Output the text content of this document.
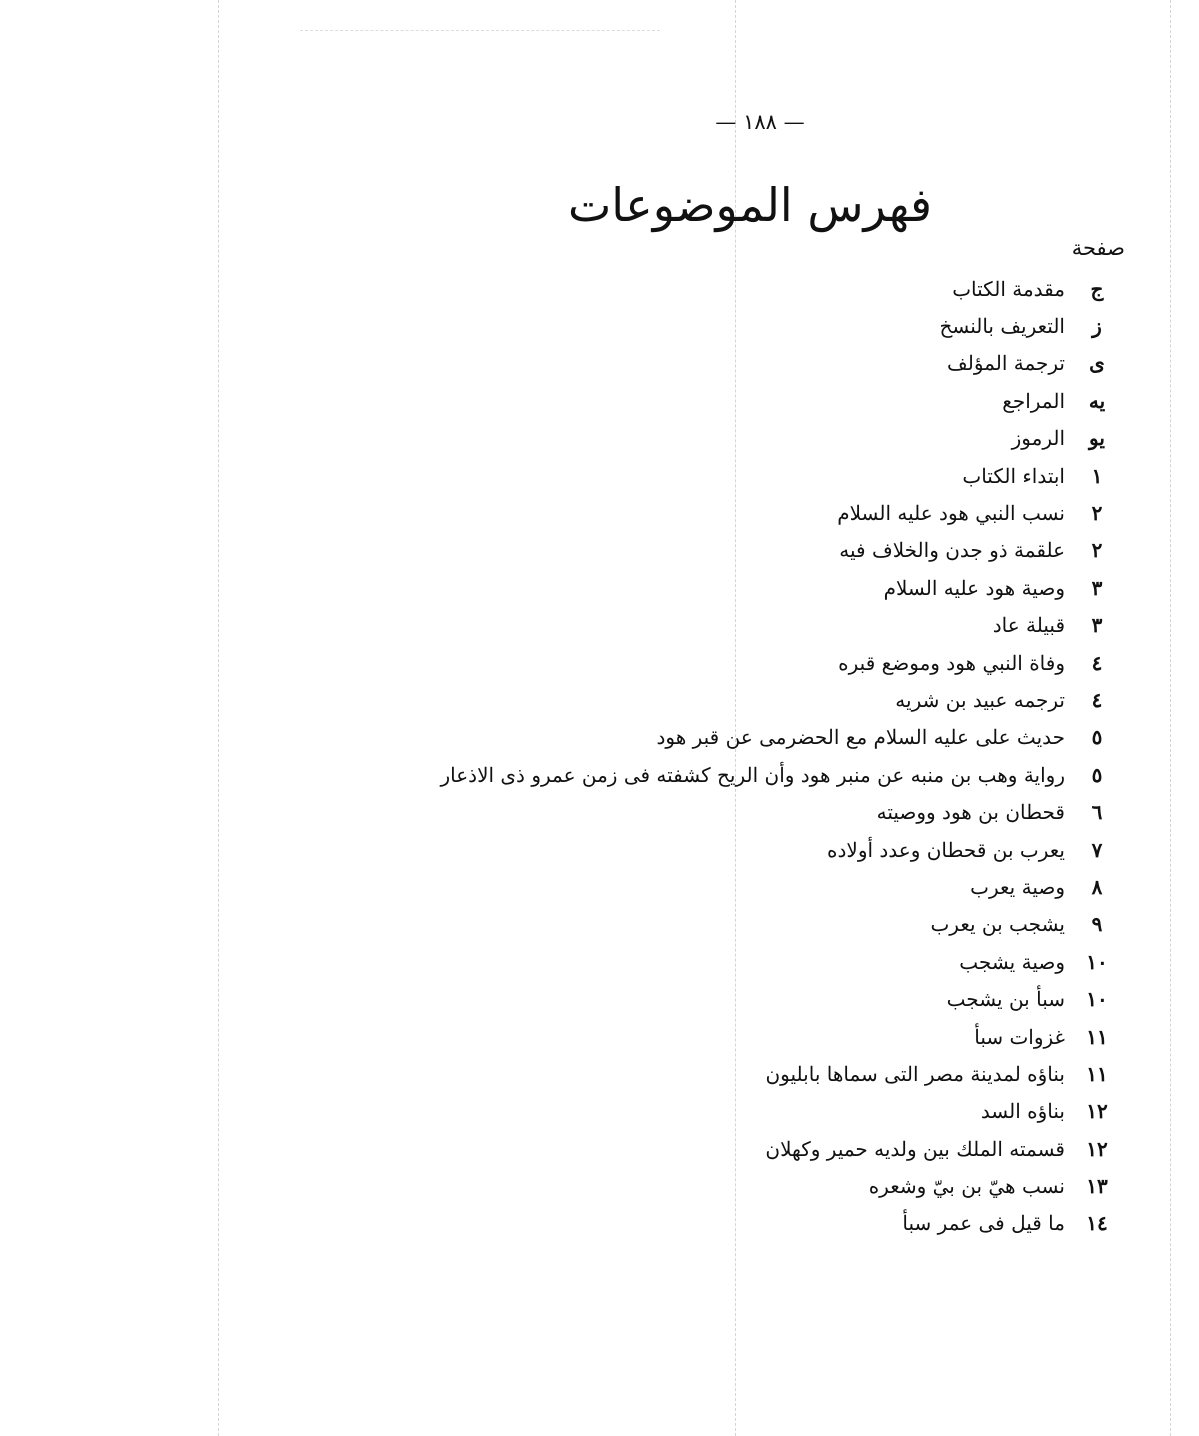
— ١٨٨ —
فهرس الموضوعات
صفحة
ج
مقدمة الكتاب
ز
التعريف بالنسخ
ى
ترجمة المؤلف
يه
المراجع
يو
الرموز
١
ابتداء الكتاب
٢
نسب النبي هود عليه السلام
٢
علقمة ذو جدن والخلاف فيه
٣
وصية هود عليه السلام
٣
قبيلة عاد
٤
وفاة النبي هود وموضع قبره
٤
ترجمه عبيد بن شريه
٥
حديث على عليه السلام مع الحضرمى عن قبر هود
٥
رواية وهب بن منبه عن منبر هود وأن الريح كشفته فى زمن عمرو ذى الاذعار
٦
قحطان بن هود ووصيته
٧
يعرب بن قحطان وعدد أولاده
٨
وصية يعرب
٩
يشجب بن يعرب
١٠
وصية يشجب
١٠
سبأ بن يشجب
١١
غزوات سبأ
١١
بناؤه لمدينة مصر التى سماها بابليون
١٢
بناؤه السد
١٢
قسمته الملك بين ولديه حمير وكهلان
١٣
نسب هيّ بن بيّ وشعره
١٤
ما قيل فى عمر سبأ
